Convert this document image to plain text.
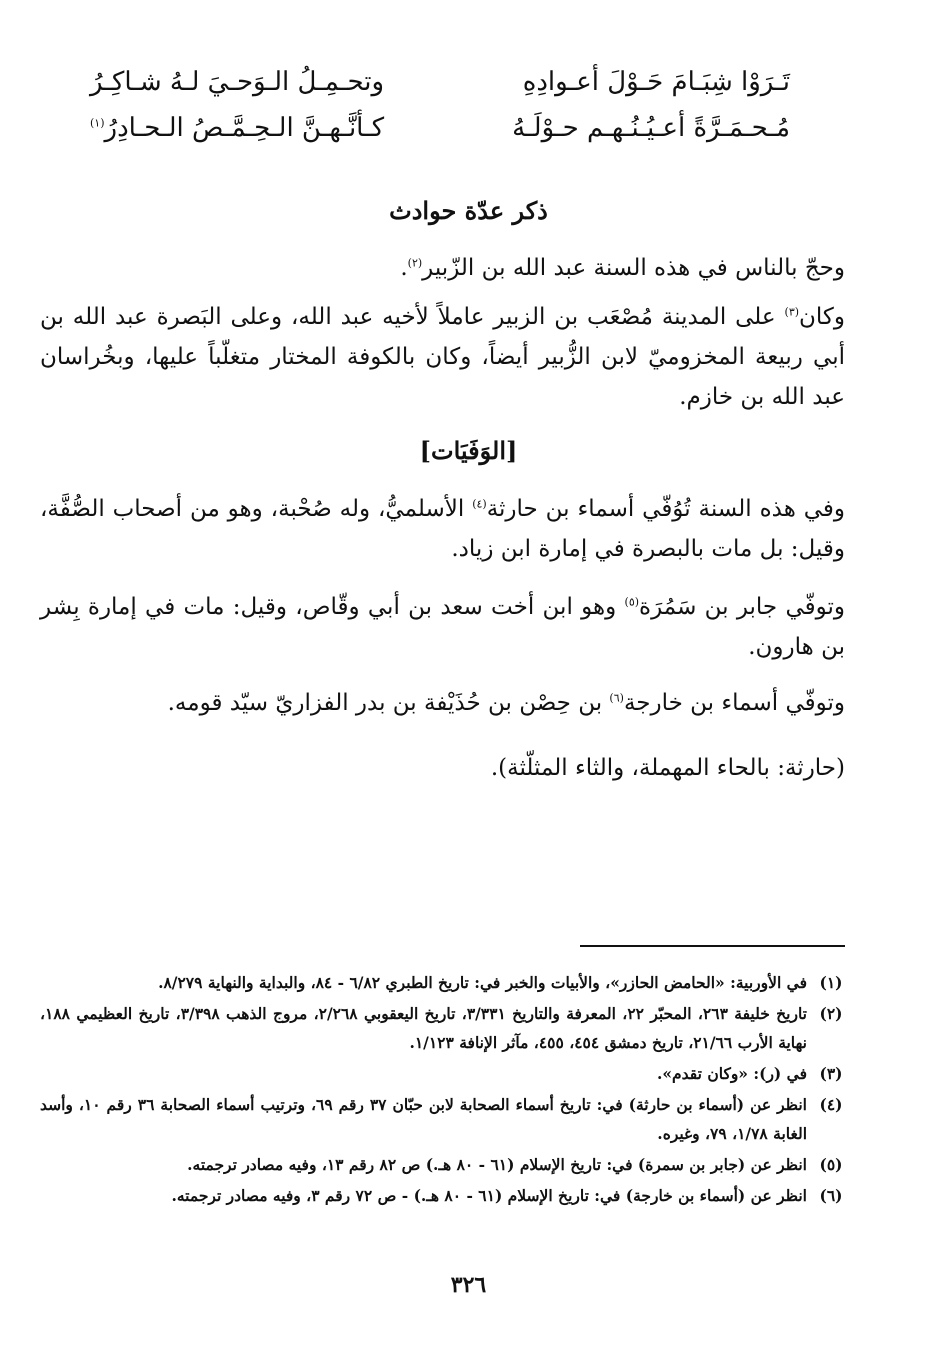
تَـرَوْا شِبَـامَ حَـوْلَ أعـوادِهِ
وتحـمِـلُ الـوَحـيَ لـهُ شـاكِـرُ
مُـحـمَـرَّةً أعـيُـنُـهـم حـوْلَـهُ
كـأنَّـهـنَّ الـحِـمَّـصُ الـحـادِرُ$^{(١)}$
ذكر عدّة حوادث
وحجّ بالناس في هذه السنة عبد الله بن الزّبير$^{(٢)}$.
وكان$^{(٣)}$ على المدينة مُصْعَب بن الزبير عاملاً لأخيه عبد الله، وعلى البَصرة عبد الله بن أبي ربيعة المخزوميّ لابن الزُّبير أيضاً، وكان بالكوفة المختار متغلّباً عليها، وبخُراسان عبد الله بن خازم.
[الوَفَيَات]
وفي هذه السنة تُوُفّي أسماء بن حارثة$^{(٤)}$ الأسلميُّ، وله صُحْبة، وهو من أصحاب الصُّفَّة، وقيل: بل مات بالبصرة في إمارة ابن زياد.
وتوفّي جابر بن سَمُرَة$^{(٥)}$ وهو ابن أخت سعد بن أبي وقّاص، وقيل: مات في إمارة بِشر بن هارون.
وتوفّي أسماء بن خارجة$^{(٦)}$ بن حِصْن بن حُذَيْفة بن بدر الفزاريّ سيّد قومه.
(حارثة: بالحاء المهملة، والثاء المثلّثة).
(١)
في الأوربية: «الحامض الحازر»، والأبيات والخبر في: تاريخ الطبري ٦/٨٢ - ٨٤، والبداية والنهاية ٨/٢٧٩.
(٢)
تاريخ خليفة ٢٦٣، المحبّر ٢٢، المعرفة والتاريخ ٣/٣٣١، تاريخ اليعقوبي ٢/٢٦٨، مروج الذهب ٣/٣٩٨، تاريخ العظيمي ١٨٨، نهاية الأرب ٢١/٦٦، تاريخ دمشق ٤٥٤، ٤٥٥، مآثر الإنافة ١/١٢٣.
(٣)
في (ر): «وكان تقدم».
(٤)
انظر عن (أسماء بن حارثة) في: تاريخ أسماء الصحابة لابن حبّان ٣٧ رقم ٦٩، وترتيب أسماء الصحابة ٣٦ رقم ١٠، وأسد الغابة ١/٧٨، ٧٩، وغيره.
(٥)
انظر عن (جابر بن سمرة) في: تاريخ الإسلام (٦١ - ٨٠ هـ.) ص ٨٢ رقم ١٣، وفيه مصادر ترجمته.
(٦)
انظر عن (أسماء بن خارجة) في: تاريخ الإسلام (٦١ - ٨٠ هـ.) - ص ٧٢ رقم ٣، وفيه مصادر ترجمته.
٣٢٦
